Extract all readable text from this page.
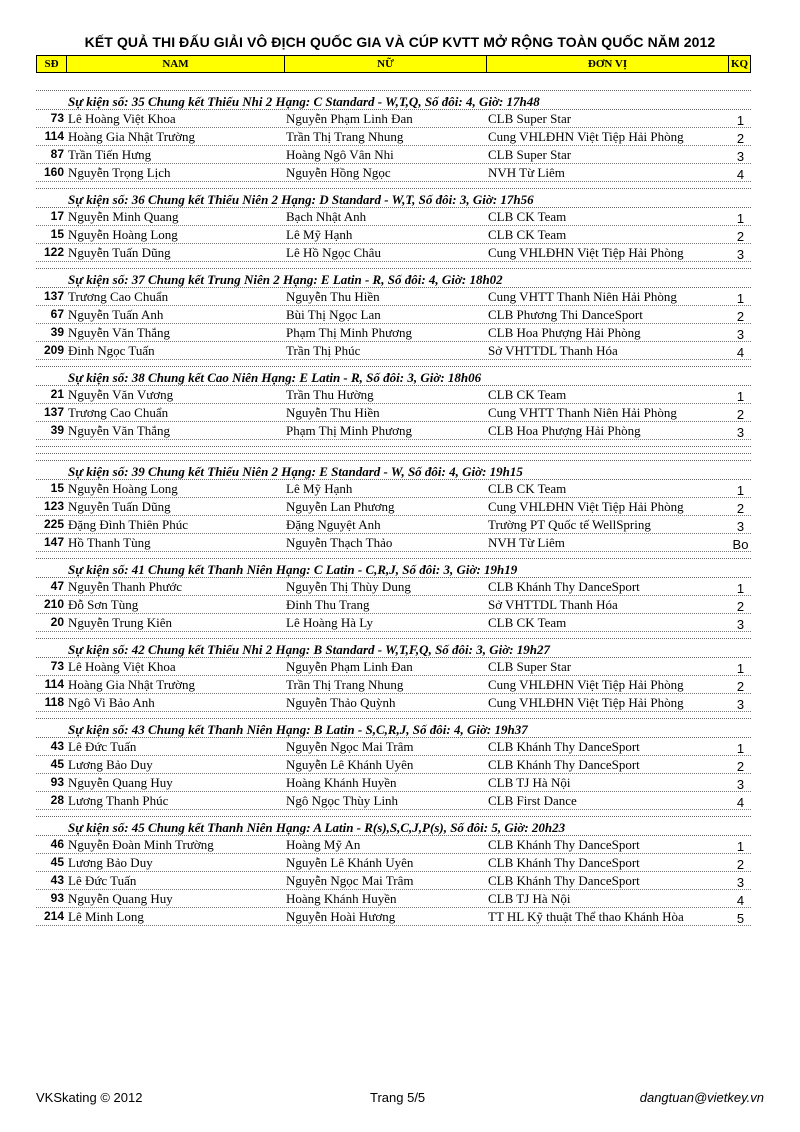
KẾT QUẢ THI ĐẤU GIẢI VÔ ĐỊCH QUỐC GIA VÀ CÚP KVTT MỞ RỘNG TOÀN QUỐC NĂM 2012
SĐ	NAM	NỮ	ĐƠN VỊ	KQ
Sự kiện số: 35 Chung kết Thiếu Nhi 2 Hạng: C Standard - W,T,Q, Số đôi: 4, Giờ: 17h48
73 Lê Hoàng Việt Khoa	Nguyễn Phạm Linh Đan	CLB Super Star	1
114 Hoàng Gia Nhật Trường	Trần Thị Trang Nhung	Cung VHLĐHN Việt Tiệp Hải Phòng	2
87 Trần Tiến Hưng	Hoàng Ngô Vân Nhi	CLB Super Star	3
160 Nguyễn Trọng Lịch	Nguyễn Hồng Ngọc	NVH Từ Liêm	4
Sự kiện số: 36 Chung kết Thiếu Niên 2 Hạng: D Standard - W,T, Số đôi: 3, Giờ: 17h56
17 Nguyễn Minh Quang	Bạch Nhật Anh	CLB CK Team	1
15 Nguyễn Hoàng Long	Lê Mỹ Hạnh	CLB CK Team	2
122 Nguyễn Tuấn Dũng	Lê Hồ Ngọc Châu	Cung VHLĐHN Việt Tiệp Hải Phòng	3
Sự kiện số: 37 Chung kết Trung Niên 2 Hạng: E Latin - R, Số đôi: 4, Giờ: 18h02
137 Trương Cao Chuẩn	Nguyễn Thu Hiền	Cung VHTT Thanh Niên Hải Phòng	1
67 Nguyễn Tuấn Anh	Bùi Thị Ngọc Lan	CLB Phương Thi DanceSport	2
39 Nguyễn Văn Thắng	Phạm Thị Minh Phương	CLB Hoa Phượng Hải Phòng	3
209 Đinh Ngọc Tuấn	Trần Thị Phúc	Sở VHTTDL Thanh Hóa	4
Sự kiện số: 38 Chung kết Cao Niên Hạng: E Latin - R, Số đôi: 3, Giờ: 18h06
21 Nguyễn Văn Vương	Trần Thu Hường	CLB CK Team	1
137 Trương Cao Chuẩn	Nguyễn Thu Hiền	Cung VHTT Thanh Niên Hải Phòng	2
39 Nguyễn Văn Thắng	Phạm Thị Minh Phương	CLB Hoa Phượng Hải Phòng	3
Sự kiện số: 39 Chung kết Thiếu Niên 2 Hạng: E Standard - W, Số đôi: 4, Giờ: 19h15
15 Nguyễn Hoàng Long	Lê Mỹ Hạnh	CLB CK Team	1
123 Nguyễn Tuấn Dũng	Nguyễn Lan Phương	Cung VHLĐHN Việt Tiệp Hải Phòng	2
225 Đặng Đình Thiên Phúc	Đặng Nguyệt Anh	Trường PT Quốc tế WellSpring	3
147 Hồ Thanh Tùng	Nguyễn Thạch Thảo	NVH Từ Liêm	Bo
Sự kiện số: 41 Chung kết Thanh Niên Hạng: C Latin - C,R,J, Số đôi: 3, Giờ: 19h19
47 Nguyễn Thanh Phước	Nguyễn Thị Thùy Dung	CLB Khánh Thy DanceSport	1
210 Đỗ Sơn Tùng	Đinh Thu Trang	Sở VHTTDL Thanh Hóa	2
20 Nguyễn Trung Kiên	Lê Hoàng Hà Ly	CLB CK Team	3
Sự kiện số: 42 Chung kết Thiếu Nhi 2 Hạng: B Standard - W,T,F,Q, Số đôi: 3, Giờ: 19h27
73 Lê Hoàng Việt Khoa	Nguyễn Phạm Linh Đan	CLB Super Star	1
114 Hoàng Gia Nhật Trường	Trần Thị Trang Nhung	Cung VHLĐHN Việt Tiệp Hải Phòng	2
118 Ngô Vi Bảo Anh	Nguyễn Thảo Quỳnh	Cung VHLĐHN Việt Tiệp Hải Phòng	3
Sự kiện số: 43 Chung kết Thanh Niên Hạng: B Latin - S,C,R,J, Số đôi: 4, Giờ: 19h37
43 Lê Đức Tuấn	Nguyễn Ngọc Mai Trâm	CLB Khánh Thy DanceSport	1
45 Lương Bảo Duy	Nguyễn Lê Khánh Uyên	CLB Khánh Thy DanceSport	2
93 Nguyễn Quang Huy	Hoàng Khánh Huyền	CLB TJ Hà Nội	3
28 Lương Thanh Phúc	Ngô Ngọc Thùy Linh	CLB First Dance	4
Sự kiện số: 45 Chung kết Thanh Niên Hạng: A Latin - R(s),S,C,J,P(s), Số đôi: 5, Giờ: 20h23
46 Nguyễn Đoàn Minh Trường	Hoàng Mỹ An	CLB Khánh Thy DanceSport	1
45 Lương Bảo Duy	Nguyễn Lê Khánh Uyên	CLB Khánh Thy DanceSport	2
43 Lê Đức Tuấn	Nguyễn Ngọc Mai Trâm	CLB Khánh Thy DanceSport	3
93 Nguyễn Quang Huy	Hoàng Khánh Huyền	CLB TJ Hà Nội	4
214 Lê Minh Long	Nguyễn Hoài Hương	TT HL Kỹ thuật Thể thao Khánh Hòa	5
VKSkating © 2012	Trang 5/5	dangtuan@vietkey.vn
